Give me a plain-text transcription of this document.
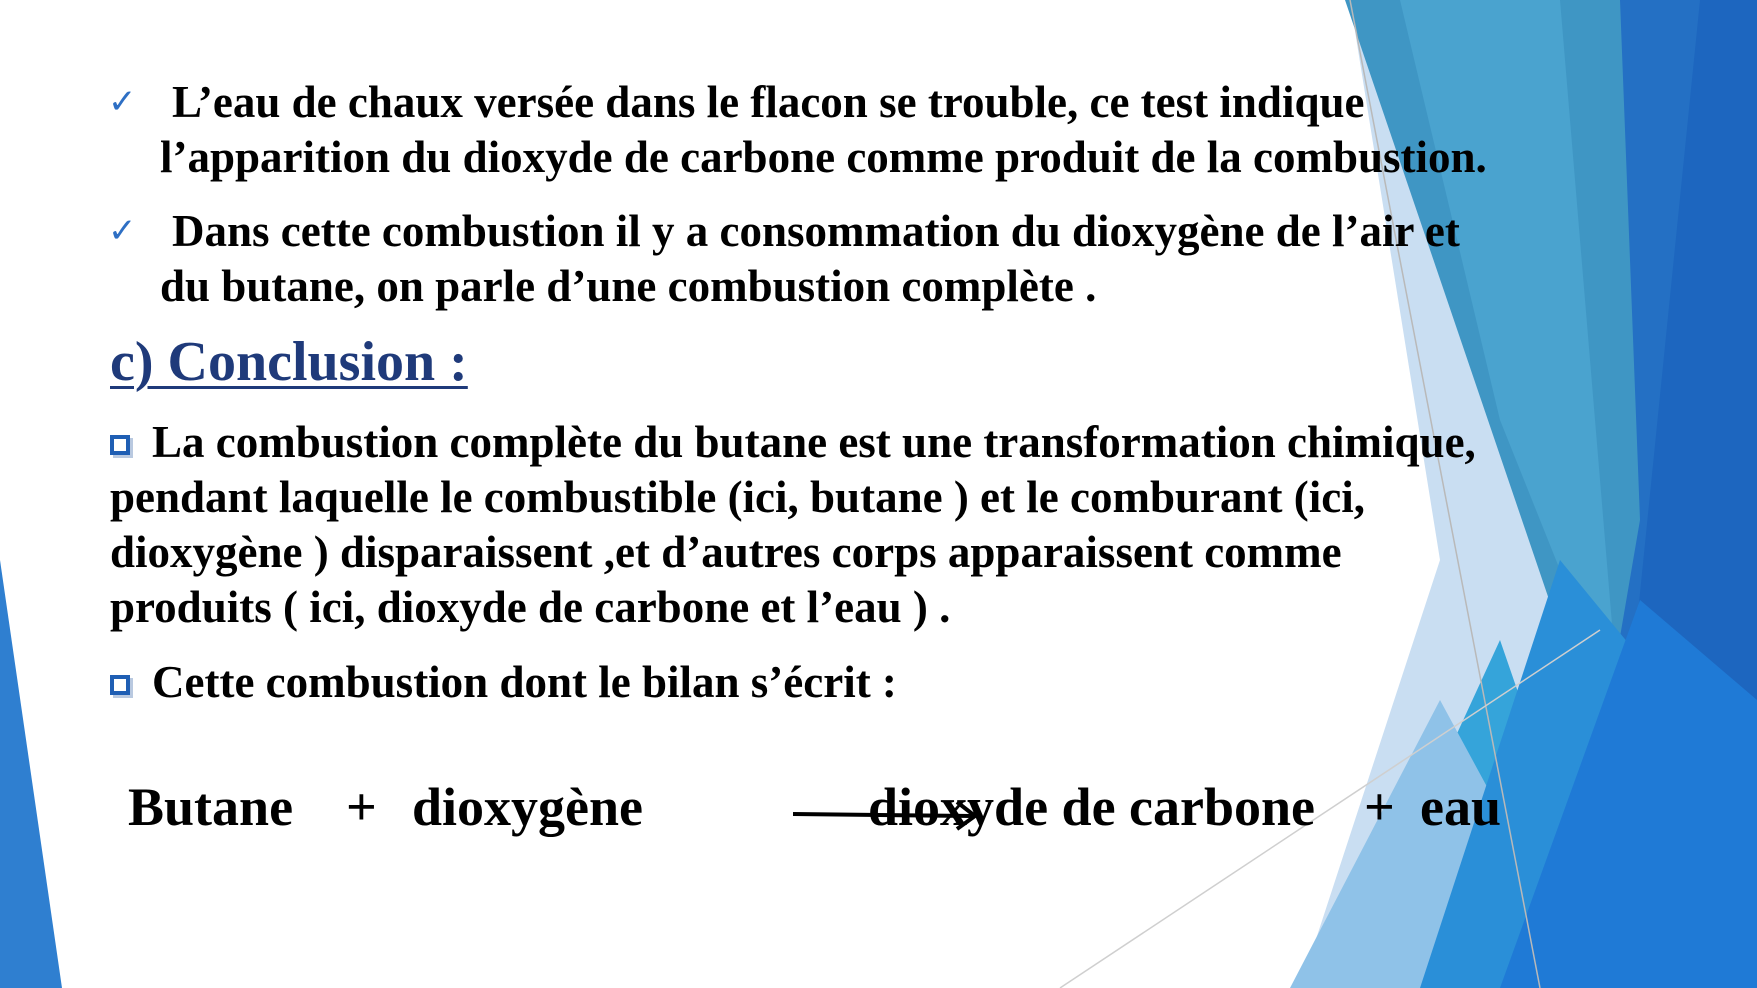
✓ L’eau de chaux versée dans le flacon se trouble, ce test indique
l’apparition du dioxyde de carbone comme produit de la combustion.
✓ Dans cette combustion il y a consommation du dioxygène de l’air et
du butane, on parle d’une combustion complète .
c) Conclusion :
La combustion complète du butane est une transformation chimique,
pendant laquelle le combustible (ici, butane ) et le comburant (ici,
dioxygène ) disparaissent ,et d’autres corps apparaissent comme
produits ( ici, dioxyde de carbone et l’eau ) .
Cette combustion dont le bilan s’écrit :
Butane + dioxygène	dioxyde de carbone + eau
